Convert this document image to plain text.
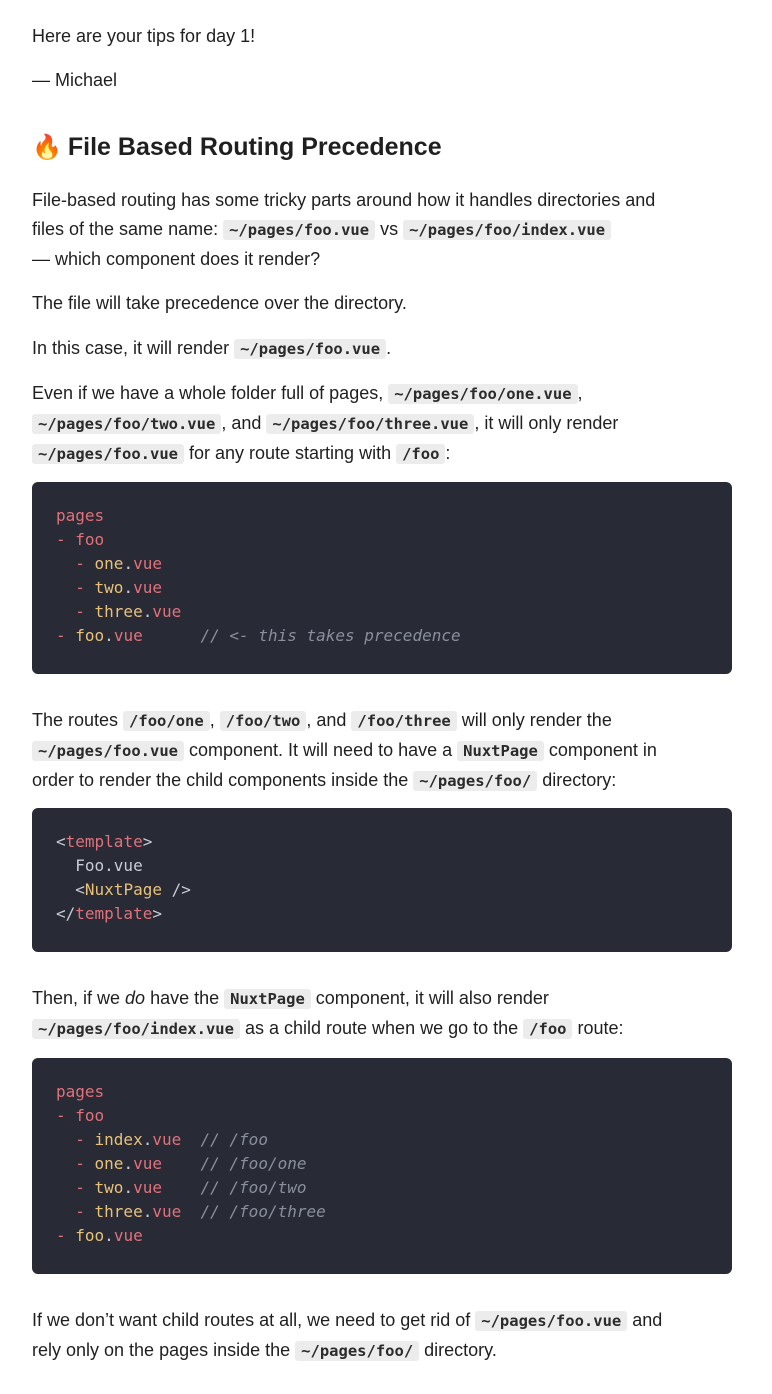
Here are your tips for day 1!

— Michael

🔥 File Based Routing Precedence
File-based routing has some tricky parts around how it handles directories and
files of the same name: ~/pages/foo.vue vs ~/pages/foo/index.vue
— which component does it render?
The file will take precedence over the directory.
In this case, it will render ~/pages/foo.vue .
Even if we have a whole folder full of pages, ~/pages/foo/one.vue ,
~/pages/foo/two.vue , and ~/pages/foo/three.vue , it will only render
~/pages/foo.vue for any route starting with /foo :
pages
- foo
- one.vue
- two.vue
- three.vue
- foo.vue	// <- this takes precedence
The routes /foo/one , /foo/two , and /foo/three will only render the
~/pages/foo.vue component. It will need to have a NuxtPage component in
order to render the child components inside the ~/pages/foo/ directory:
<template>
Foo.vue
<NuxtPage />
</template>
Then, if we do have the NuxtPage component, it will also render
~/pages/foo/index.vue as a child route when we go to the /foo route:
pages
- foo
- index.vue // /foo
- one.vue // /foo/one
- two.vue // /foo/two
- three.vue // /foo/three
- foo.vue
If we don’t want child routes at all, we need to get rid of ~/pages/foo.vue and
rely only on the pages inside the ~/pages/foo/ directory.
